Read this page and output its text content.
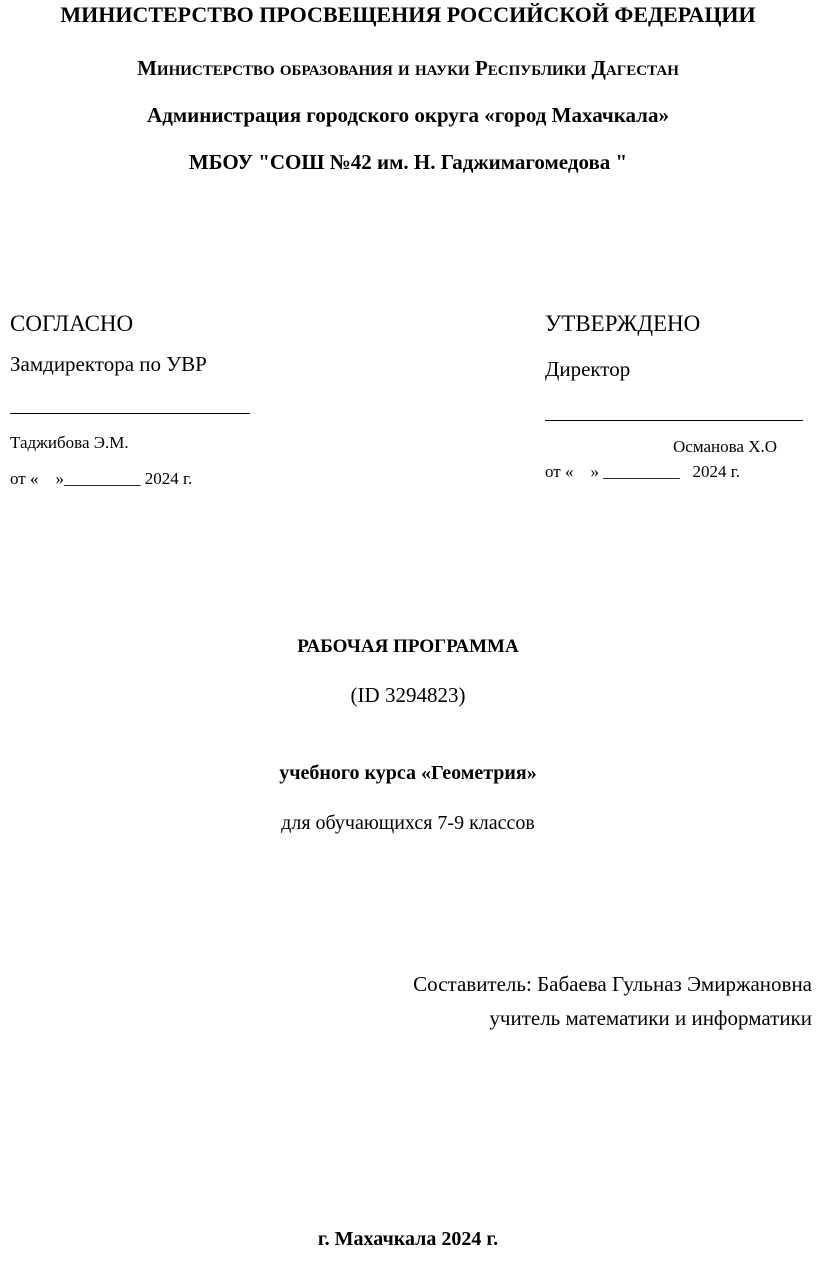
МИНИСТЕРСТВО ПРОСВЕЩЕНИЯ РОССИЙСКОЙ ФЕДЕРАЦИИ
Министерство образования и науки Республики Дагестан
Администрация городского округа «город Махачкала»
МБОУ "СОШ №42 им. Н. Гаджимагомедова "
СОГЛАСНО
Замдиректора по УВР
Таджибова Э.М.
от «    »_________ 2024 г.
УТВЕРЖДЕНО
Директор
Османова Х.О
от «    » _________   2024 г.
РАБОЧАЯ ПРОГРАММА
(ID 3294823)
учебного курса «Геометрия»
для обучающихся 7-9 классов
Составитель: Бабаева Гульназ Эмиржановна
учитель математики и информатики
г. Махачкала 2024 г.
